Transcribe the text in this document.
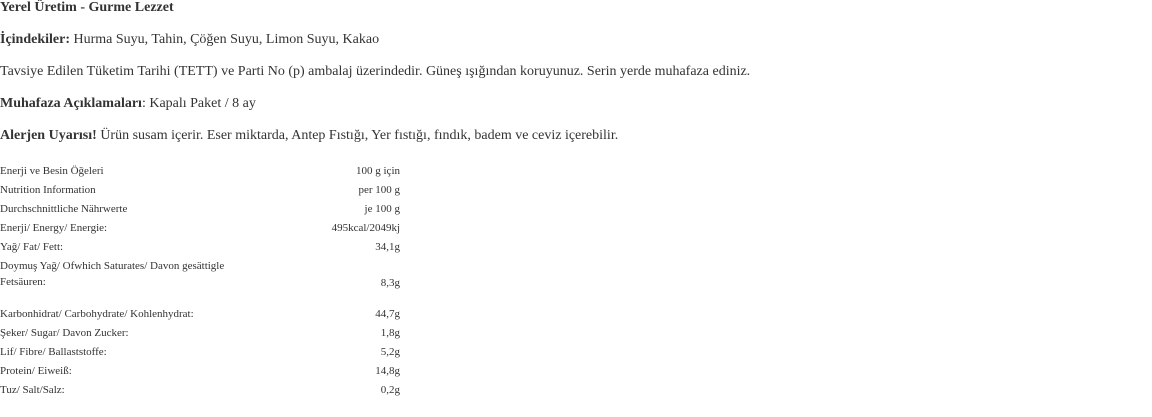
Yerel Üretim - Gurme Lezzet

İçindekiler: Hurma Suyu, Tahin, Çöğen Suyu, Limon Suyu, Kakao

Tavsiye Edilen Tüketim Tarihi (TETT) ve Parti No (p) ambalaj üzerindedir. Güneş ışığından koruyunuz. Serin yerde muhafaza ediniz.

Muhafaza Açıklamaları: Kapalı Paket / 8 ay

Alerjen Uyarısı! Ürün susam içerir. Eser miktarda, Antep Fıstığı, Yer fıstığı, fındık, badem ve ceviz içerebilir.

Enerji ve Besin Öğeleri	100 g için
Nutrition Information	per 100 g
Durchschnittliche Nährwerte	je 100 g
Enerji/ Energy/ Energie:	495kcal/2049kj
Yağ/ Fat/ Fett:	34,1g
Doymuş Yağ/ Ofwhich Saturates/ Davon gesättigle Fetsäuren:	8,3g

Karbonhidrat/ Carbohydrate/ Kohlenhydrat:	44,7g
Şeker/ Sugar/ Davon Zucker:	1,8g
Lif/ Fibre/ Ballaststoffe:	5,2g
Protein/ Eiweiß:	14,8g
Tuz/ Salt/Salz:	0,2g
